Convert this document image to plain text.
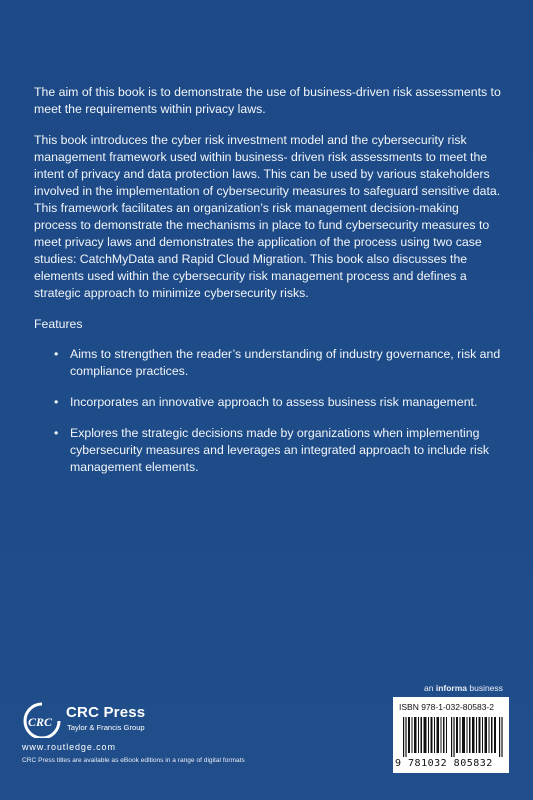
The aim of this book is to demonstrate the use of business-driven risk assessments to meet the requirements within privacy laws.

This book introduces the cyber risk investment model and the cybersecurity risk management framework used within business- driven risk assessments to meet the intent of privacy and data protection laws. This can be used by various stakeholders involved in the implementation of cybersecurity measures to safeguard sensitive data. This framework facilitates an organization’s risk management decision-making process to demonstrate the mechanisms in place to fund cybersecurity measures to meet privacy laws and demonstrates the application of the process using two case studies: CatchMyData and Rapid Cloud Migration. This book also discusses the elements used within the cybersecurity risk management process and defines a strategic approach to minimize cybersecurity risks.

Features

• Aims to strengthen the reader’s understanding of industry governance, risk and compliance practices.
• Incorporates an innovative approach to assess business risk management.
• Explores the strategic decisions made by organizations when implementing cybersecurity measures and leverages an integrated approach to include risk management elements.
an informa business
CRC
CRC Press
Taylor & Francis Group
www.routledge.com
CRC Press titles are available as eBook editions in a range of digital formats
ISBN 978-1-032-80583-2
9 781032 805832
